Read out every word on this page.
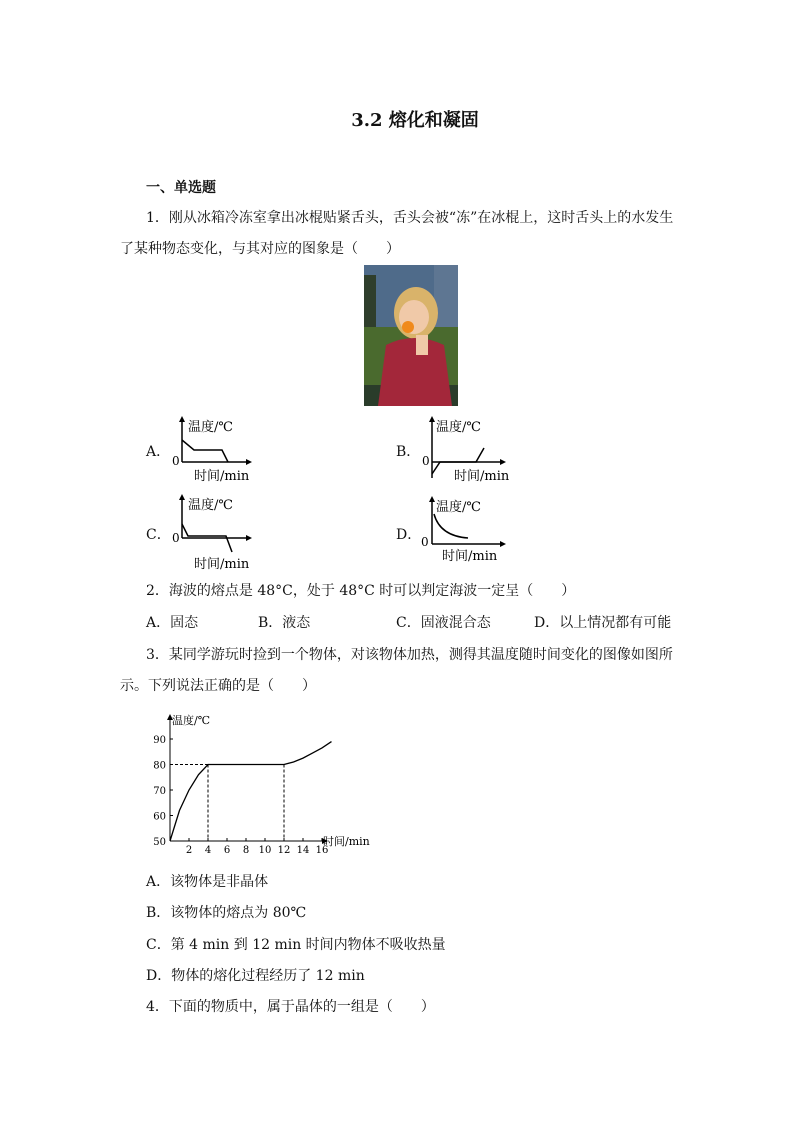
3.2 熔化和凝固
一、单选题
1．刚从冰箱冷冻室拿出冰棍贴紧舌头，舌头会被“冻”在冰棍上，这时舌头上的水发生
了某种物态变化，与其对应的图象是（　　）
A．	B．
C．	D．
温度/℃
0
时间/min
温度/℃
0
时间/min
温度/℃
0
时间/min
温度/℃
0
时间/min
2．海波的熔点是 48°C，处于 48°C 时可以判定海波一定呈（　　）
A．固态	B．液态	C．固液混合态	D．以上情况都有可能
3．某同学游玩时捡到一个物体，对该物体加热，测得其温度随时间变化的图像如图所
示。下列说法正确的是（　　）
2 4 6 8 10 12 14 16
50
60
70
80
90
温度/℃
时间/min
A．该物体是非晶体
B．该物体的熔点为 80℃
C．第 4 min 到 12 min 时间内物体不吸收热量
D．物体的熔化过程经历了 12 min
4．下面的物质中，属于晶体的一组是（　　）
